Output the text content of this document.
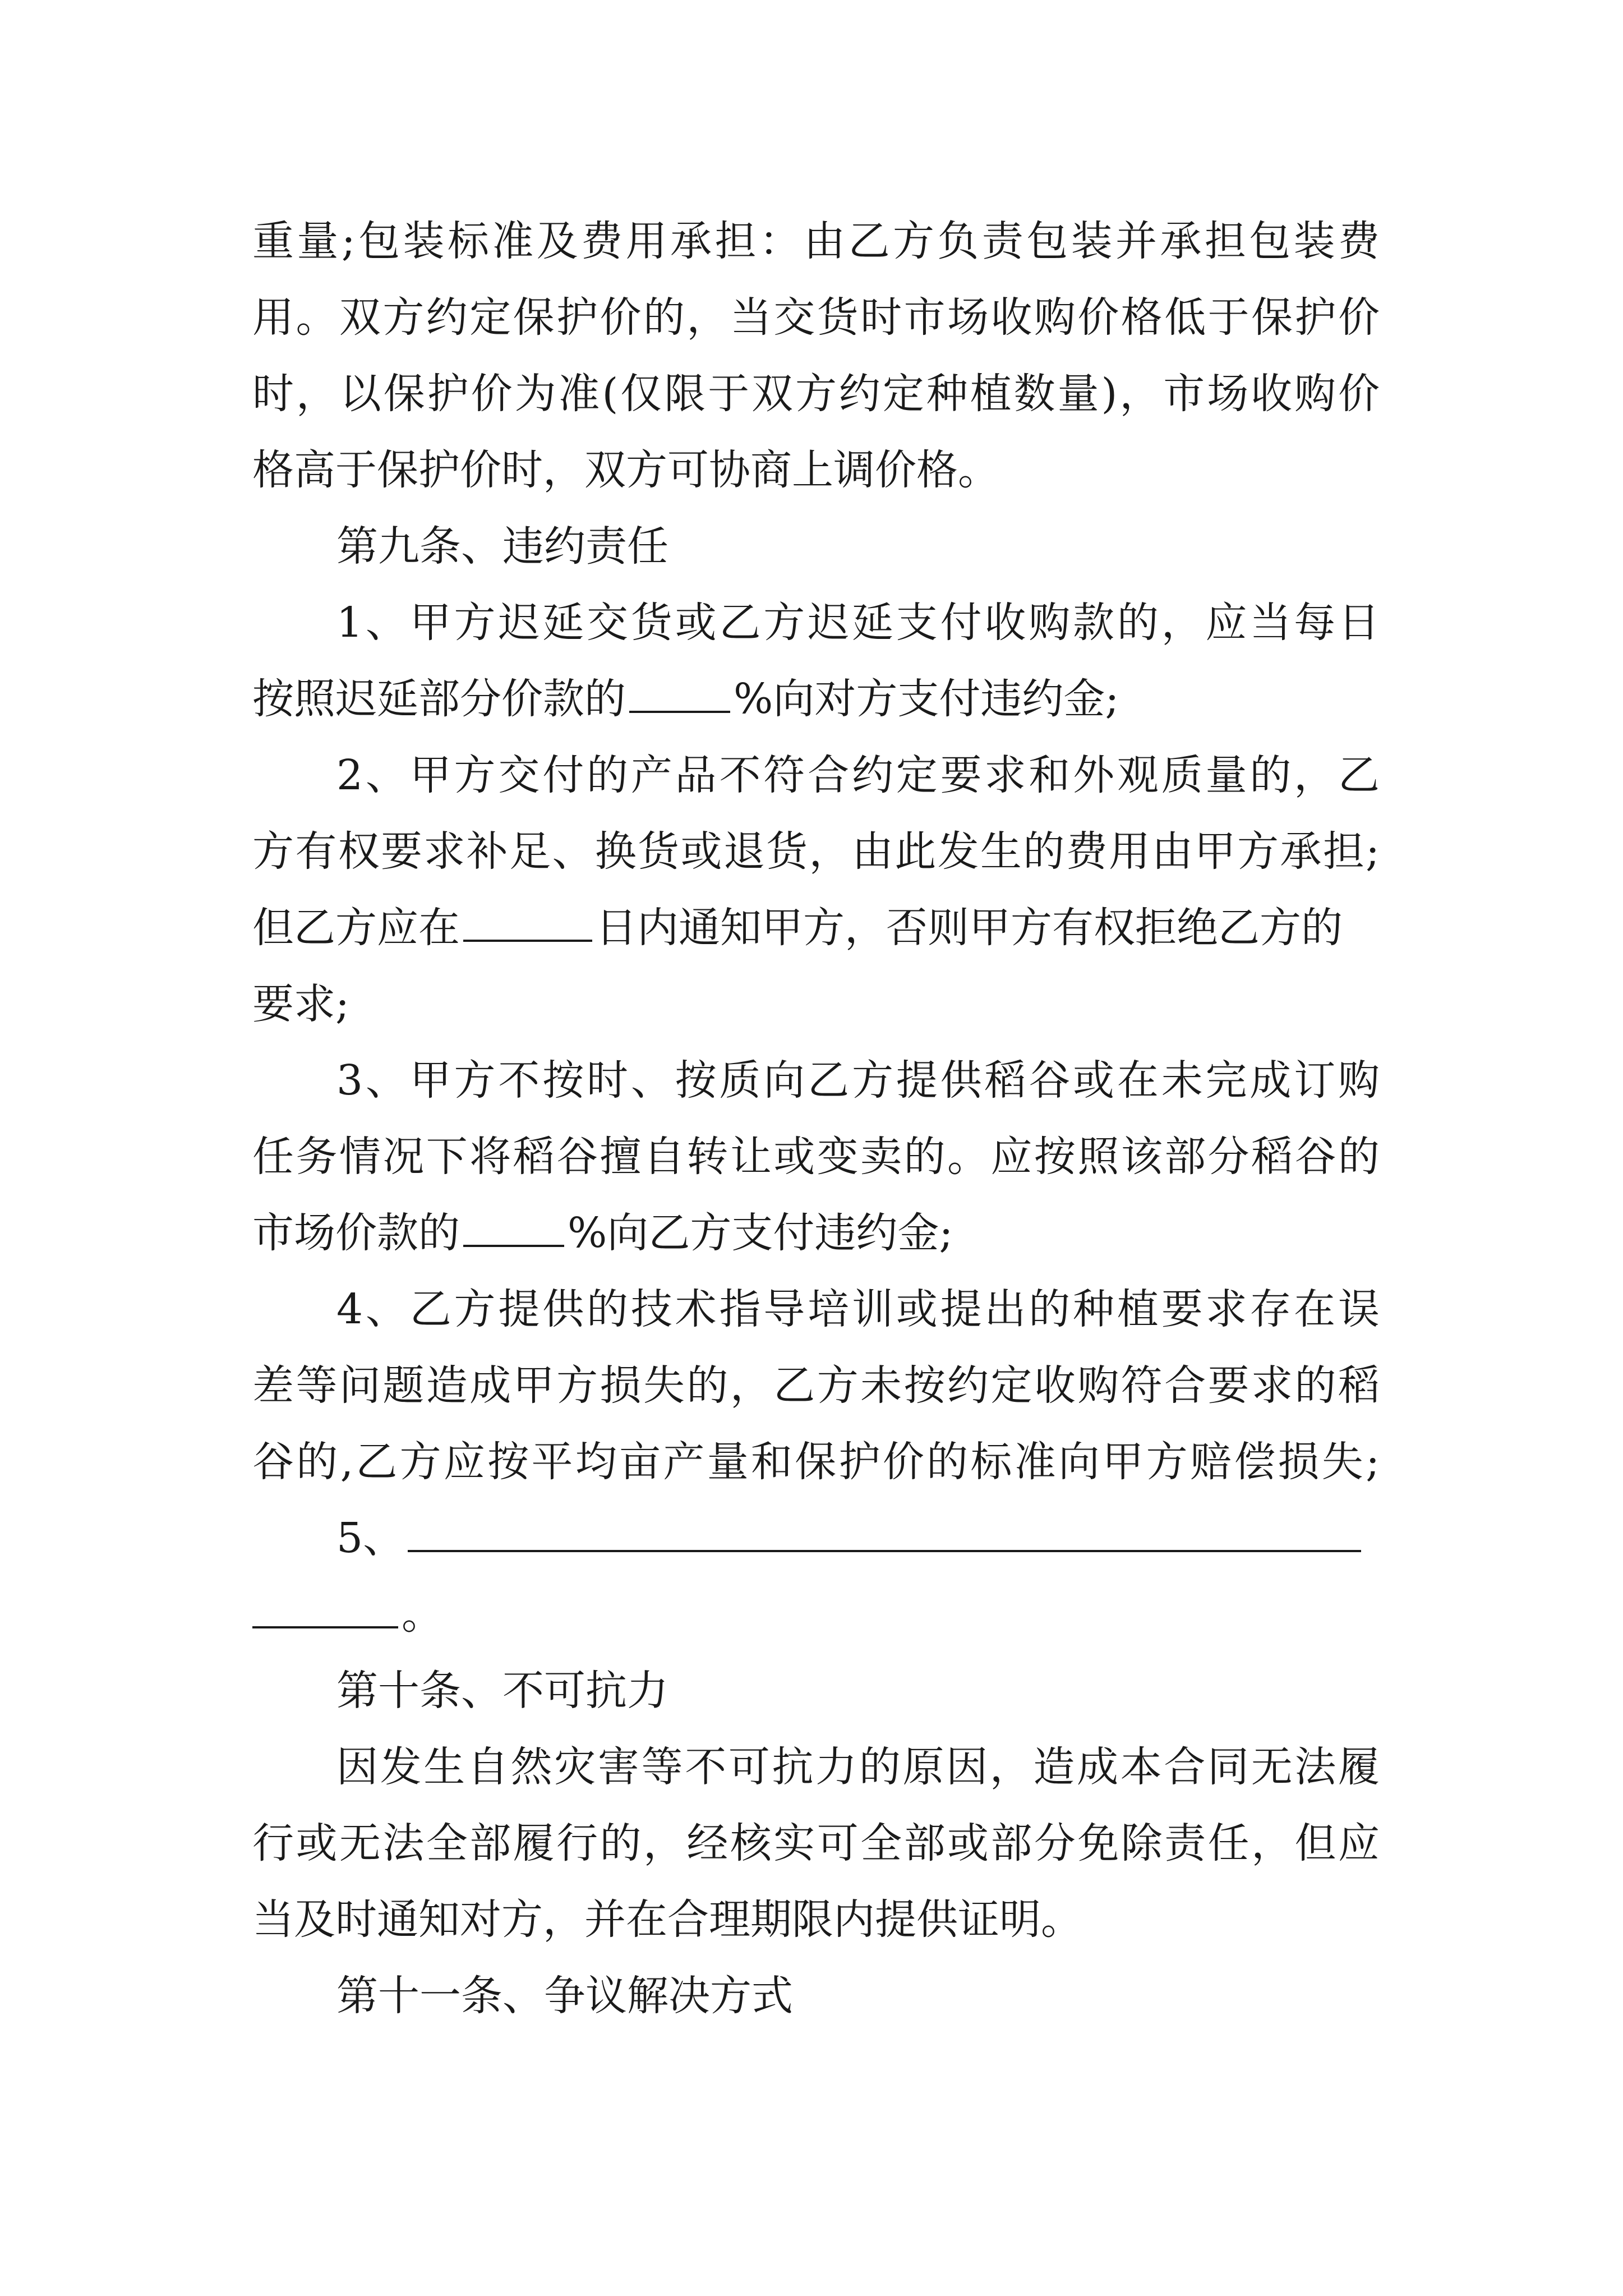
重量;包装标准及费用承担：由乙方负责包装并承担包装费
用。双方约定保护价的，当交货时市场收购价格低于保护价
时，以保护价为准(仅限于双方约定种植数量)，市场收购价
格高于保护价时，双方可协商上调价格。
第九条、违约责任
1、甲方迟延交货或乙方迟延支付收购款的，应当每日
按照迟延部分价款的	%向对方支付违约金;
2、甲方交付的产品不符合约定要求和外观质量的，乙
方有权要求补足、换货或退货，由此发生的费用由甲方承担;
但乙方应在	日内通知甲方，否则甲方有权拒绝乙方的
要求;
3、甲方不按时、按质向乙方提供稻谷或在未完成订购
任务情况下将稻谷擅自转让或变卖的。应按照该部分稻谷的
市场价款的	%向乙方支付违约金;
4、乙方提供的技术指导培训或提出的种植要求存在误
差等问题造成甲方损失的，乙方未按约定收购符合要求的稻
谷的,乙方应按平均亩产量和保护价的标准向甲方赔偿损失;
5、
。
第十条、不可抗力
因发生自然灾害等不可抗力的原因，造成本合同无法履
行或无法全部履行的，经核实可全部或部分免除责任，但应
当及时通知对方，并在合理期限内提供证明。
第十一条、争议解决方式
